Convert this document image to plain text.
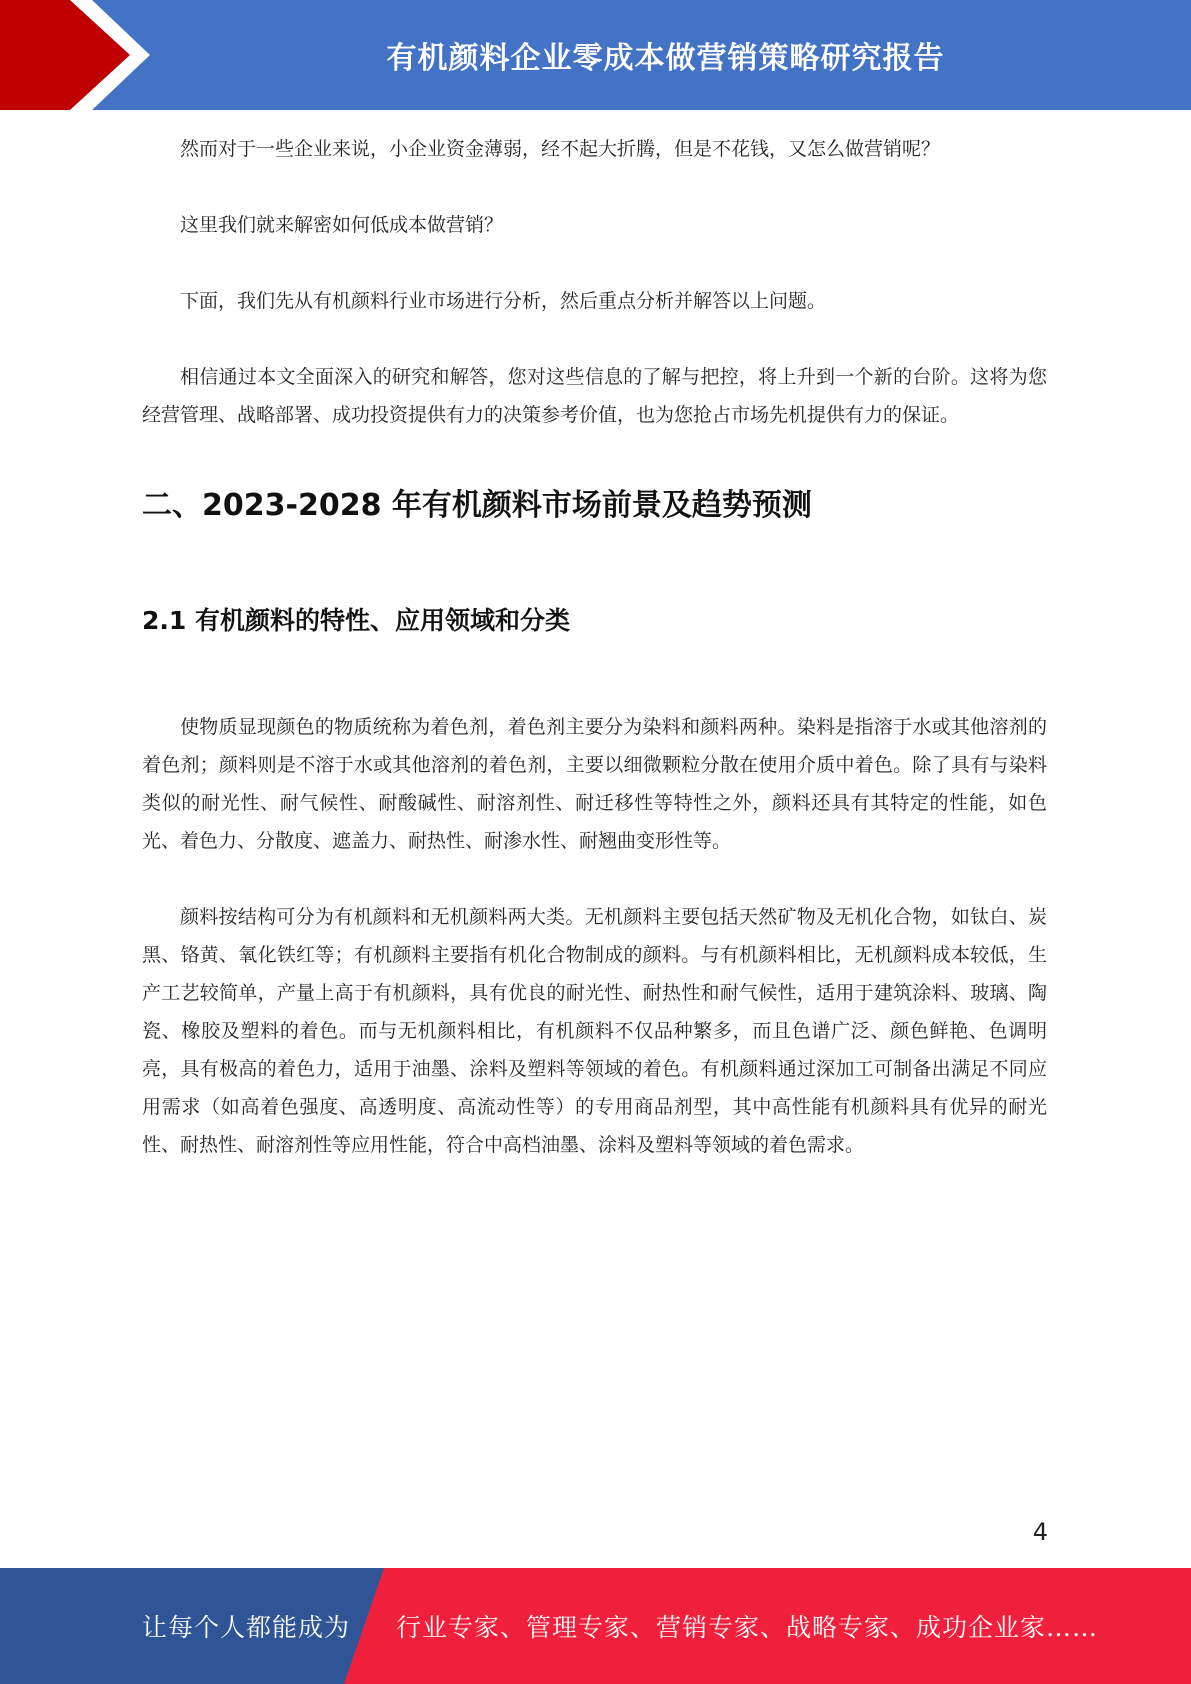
有机颜料企业零成本做营销策略研究报告

然而对于一些企业来说，小企业资金薄弱，经不起大折腾，但是不花钱，又怎么做营销呢？

这里我们就来解密如何低成本做营销？

下面，我们先从有机颜料行业市场进行分析，然后重点分析并解答以上问题。

相信通过本文全面深入的研究和解答，您对这些信息的了解与把控，将上升到一个新的台阶。这将为您经营管理、战略部署、成功投资提供有力的决策参考价值，也为您抢占市场先机提供有力的保证。

二、2023-2028 年有机颜料市场前景及趋势预测
2.1 有机颜料的特性、应用领域和分类

使物质显现颜色的物质统称为着色剂，着色剂主要分为染料和颜料两种。染料是指溶于水或其他溶剂的着色剂；颜料则是不溶于水或其他溶剂的着色剂，主要以细微颗粒分散在使用介质中着色。除了具有与染料类似的耐光性、耐气候性、耐酸碱性、耐溶剂性、耐迁移性等特性之外，颜料还具有其特定的性能，如色光、着色力、分散度、遮盖力、耐热性、耐渗水性、耐翘曲变形性等。

颜料按结构可分为有机颜料和无机颜料两大类。无机颜料主要包括天然矿物及无机化合物，如钛白、炭黑、铬黄、氧化铁红等；有机颜料主要指有机化合物制成的颜料。与有机颜料相比，无机颜料成本较低，生产工艺较简单，产量上高于有机颜料，具有优良的耐光性、耐热性和耐气候性，适用于建筑涂料、玻璃、陶瓷、橡胶及塑料的着色。而与无机颜料相比，有机颜料不仅品种繁多，而且色谱广泛、颜色鲜艳、色调明亮，具有极高的着色力，适用于油墨、涂料及塑料等领域的着色。有机颜料通过深加工可制备出满足不同应用需求（如高着色强度、高透明度、高流动性等）的专用商品剂型，其中高性能有机颜料具有优异的耐光性、耐热性、耐溶剂性等应用性能，符合中高档油墨、涂料及塑料等领域的着色需求。

4
让每个人都能成为 行业专家、管理专家、营销专家、战略专家、成功企业家……
